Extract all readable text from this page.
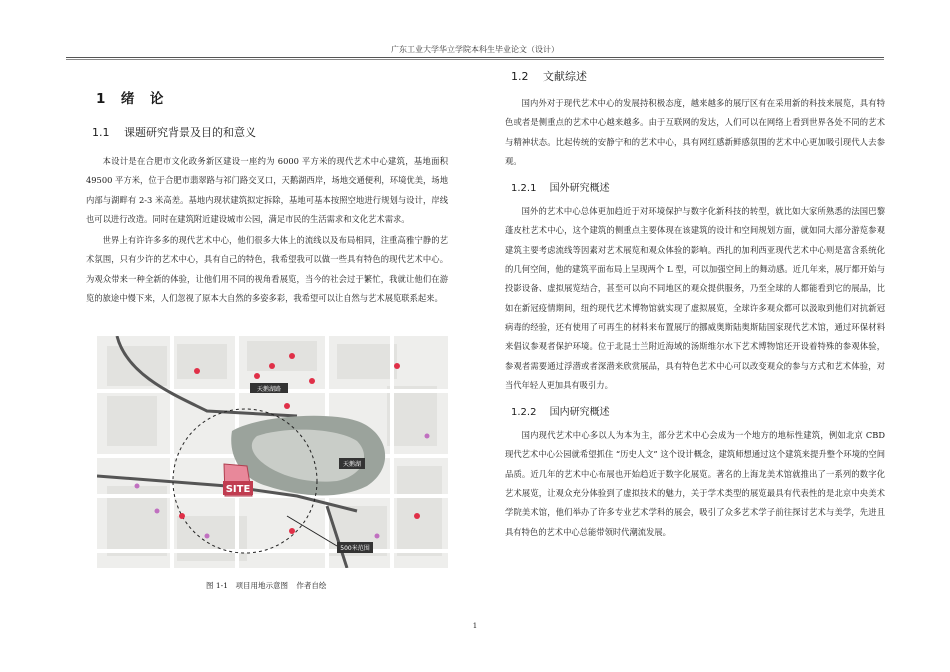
广东工业大学华立学院本科生毕业论文（设计）
1　绪　论
1.1　 课题研究背景及目的和意义

本设计是在合肥市文化政务新区建设一座约为 6000 平方米的现代艺术中心建筑，基地面积 49500 平方米，位于合肥市翡翠路与祁门路交叉口，天鹅湖西岸，场地交通便利，环境优美，场地内部与湖畔有 2-3 米高差。基地内现状建筑拟定拆除，基地可基本按照空地进行规划与设计，岸线也可以进行改造。同时在建筑附近建设城市公园，满足市民的生活需求和文化艺术需求。

世界上有许许多多的现代艺术中心，他们很多大体上的流线以及布局相同，注重高雅宁静的艺术氛围，只有少许的艺术中心，具有自己的特色，我希望我可以做一些具有特色的现代艺术中心。为观众带来一种全新的体验，让他们用不同的视角看展览，当今的社会过于繁忙，我就让他们在游览的旅途中慢下来，人们忽视了原本大自然的多姿多彩，我希望可以让自然与艺术展览联系起来。

天鹅湖路
天鹅湖
SITE
500米范围
图 1-1　项目用地示意图 作者自绘
1.2　 文献综述

国内外对于现代艺术中心的发展持积极态度，越来越多的展厅区有在采用新的科技来展览，具有特色或者是侧重点的艺术中心越来越多。由于互联网的发达，人们可以在网络上看到世界各处不同的艺术与精神状态。比起传统的安静宁和的艺术中心，具有网红感新鲜感氛围的艺术中心更加吸引现代人去参观。

1.2.1　 国外研究概述

国外的艺术中心总体更加趋近于对环境保护与数字化新科技的转型，就比如大家所熟悉的法国巴黎蓬皮杜艺术中心，这个建筑的侧重点主要体现在该建筑的设计和空间规划方面，就如同大部分游览参观建筑主要考虑流线等因素对艺术展览和观众体验的影响。西扎的加利西亚现代艺术中心则是富含系统化的几何空间，他的建筑平面布局上呈现两个 L 型，可以加强空间上的舞动感。近几年来，展厅都开始与投影设备、虚拟展览结合，甚至可以向不同地区的观众提供服务，乃至全球的人都能看到它的展品，比如在新冠疫情期间，纽约现代艺术博物馆就实现了虚拟展览，全球许多观众都可以汲取到他们对抗新冠病毒的经验，还有使用了可再生的材料来布置展厅的挪威奥斯陆奥斯陆国家现代艺术馆，通过环保材料来倡议参观者保护环境。位于北昆士兰附近海域的汤斯维尔水下艺术博物馆还开设着特殊的参观体验，参观者需要通过浮潜或者深潜来欣赏展品，具有特色艺术中心可以改变观众的参与方式和艺术体验，对当代年轻人更加具有吸引力。

1.2.2　 国内研究概述

国内现代艺术中心多以人为本为主，部分艺术中心会成为一个地方的地标性建筑，例如北京 CBD 现代艺术中心公园就希望抓住 “历史人文” 这个设计概念，建筑师想通过这个建筑来提升整个环境的空间品质。近几年的艺术中心布展也开始趋近于数字化展览。著名的上海龙美术馆就推出了一系列的数字化艺术展览，让观众充分体验到了虚拟技术的魅力，关于学术类型的展览最具有代表性的是北京中央美术学院美术馆，他们举办了许多专业艺术学科的展会，吸引了众多艺术学子前往探讨艺术与美学，先进且具有特色的艺术中心总能带领时代潮流发展。

1
